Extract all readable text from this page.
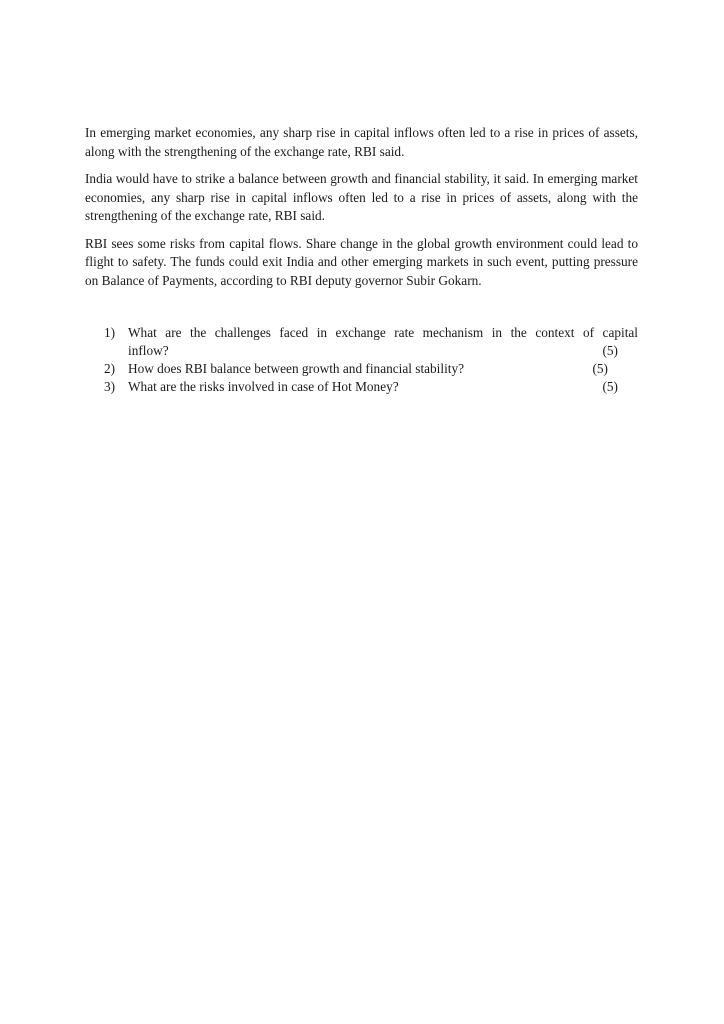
In emerging market economies, any sharp rise in capital inflows often led to a rise in prices of assets, along with the strengthening of the exchange rate, RBI said.

India would have to strike a balance between growth and financial stability, it said. In emerging market economies, any sharp rise in capital inflows often led to a rise in prices of assets, along with the strengthening of the exchange rate, RBI said.

RBI sees some risks from capital flows. Share change in the global growth environment could lead to flight to safety. The funds could exit India and other emerging markets in such event, putting pressure on Balance of Payments, according to RBI deputy governor Subir Gokarn.

1) What are the challenges faced in exchange rate mechanism in the context of capital
inflow?	(5)
2) How does RBI balance between growth and financial stability?	(5)
3) What are the risks involved in case of Hot Money?	(5)
